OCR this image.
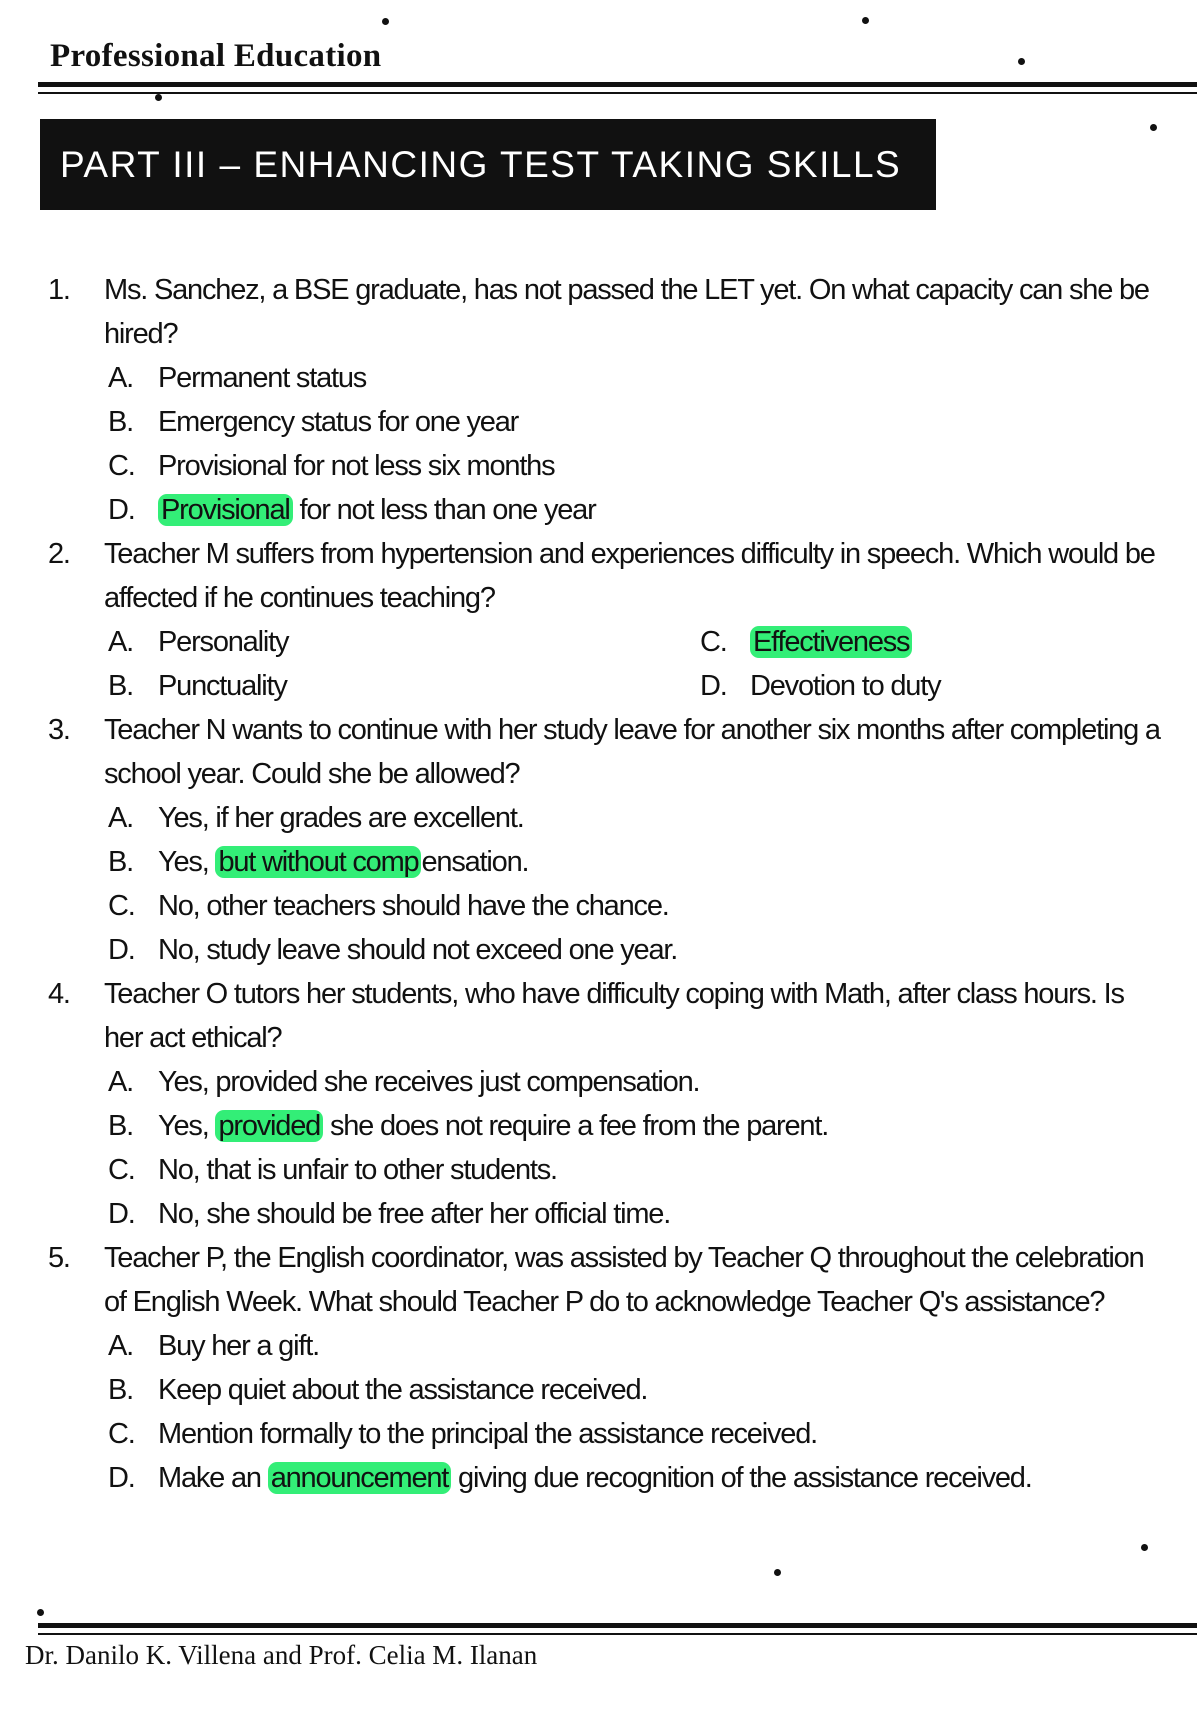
Professional Education
PART III – ENHANCING TEST TAKING SKILLS
1.	Ms. Sanchez, a BSE graduate, has not passed the LET yet. On what capacity can she be hired?
A. Permanent status
B. Emergency status for one year
C. Provisional for not less six months
D. Provisional for not less than one year
2.	Teacher M suffers from hypertension and experiences difficulty in speech. Which would be affected if he continues teaching?
A. Personality	C. Effectiveness
B. Punctuality	D. Devotion to duty
3.	Teacher N wants to continue with her study leave for another six months after completing a school year. Could she be allowed?
A. Yes, if her grades are excellent.
B. Yes, but without comp ensation.
C. No, other teachers should have the chance.
D. No, study leave should not exceed one year.
4.	Teacher O tutors her students, who have difficulty coping with Math, after class hours. Is her act ethical?
A. Yes, provided she receives just compensation.
B. Yes, provided she does not require a fee from the parent.
C. No, that is unfair to other students.
D. No, she should be free after her official time.
5.	Teacher P, the English coordinator, was assisted by Teacher Q throughout the celebration of English Week. What should Teacher P do to acknowledge Teacher Q's assistance?
A. Buy her a gift.
B. Keep quiet about the assistance received.
C. Mention formally to the principal the assistance received.
D. Make an announcement giving due recognition of the assistance received.
Dr. Danilo K. Villena and Prof. Celia M. Ilanan
